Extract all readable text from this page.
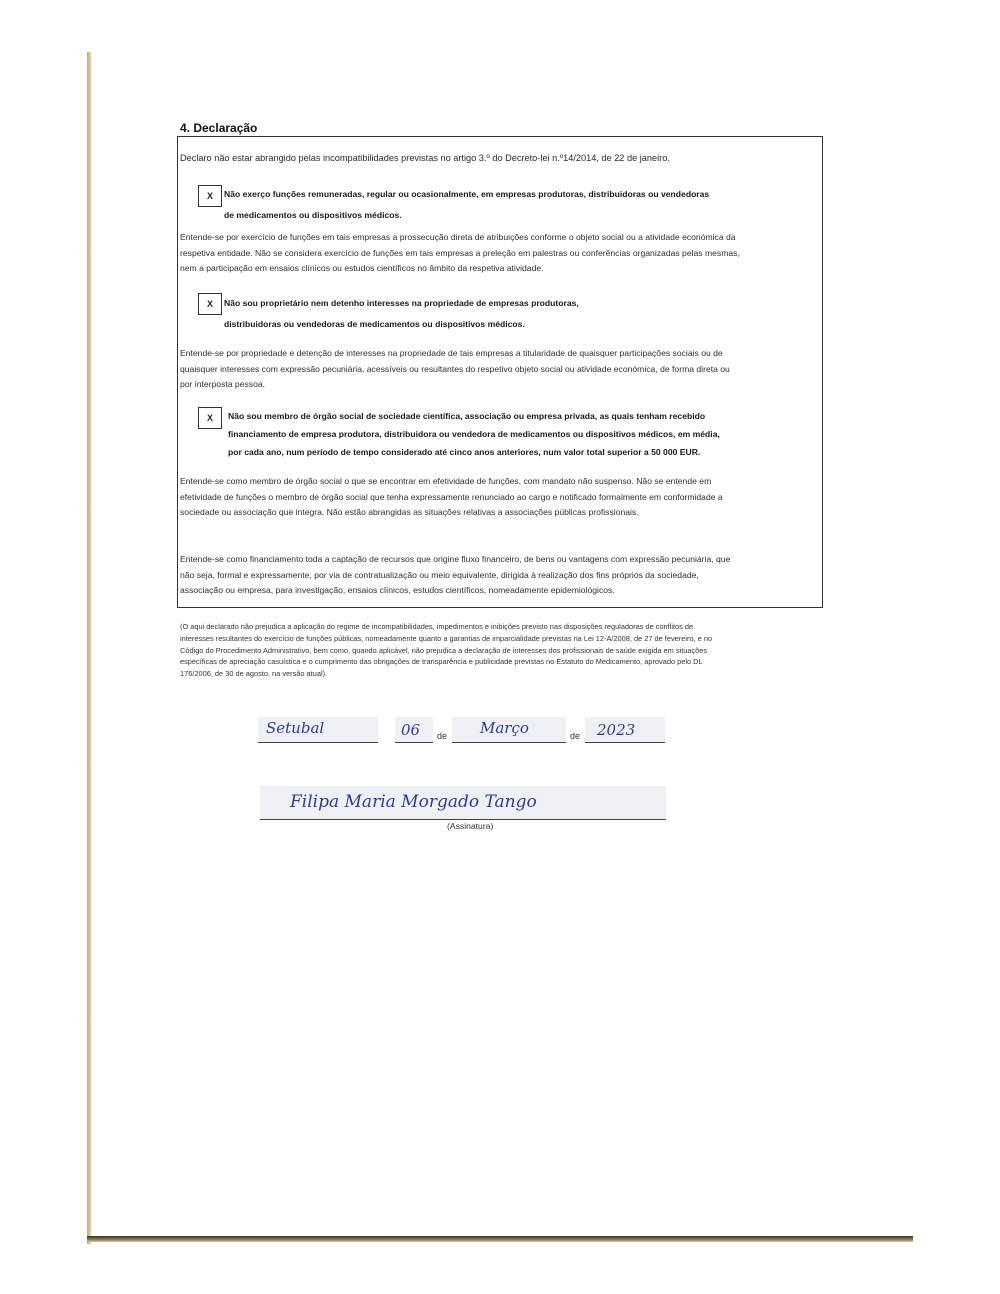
4. Declaração
Declaro não estar abrangido pelas incompatibilidades previstas no artigo 3.º do Decreto-lei n.º14/2014, de 22 de janeiro.
X	Não exerço funções remuneradas, regular ou ocasionalmente, em empresas produtoras, distribuidoras ou vendedoras
de medicamentos ou dispositivos médicos.
Entende-se por exercício de funções em tais empresas a prossecução direta de atribuições conforme o objeto social ou a atividade económica da
respetiva entidade. Não se considera exercício de funções em tais empresas a preleção em palestras ou conferências organizadas pelas mesmas,
nem a participação em ensaios clínicos ou estudos científicos no âmbito da respetiva atividade.
X	Não sou proprietário nem detenho interesses na propriedade de empresas produtoras,
distribuidoras ou vendedoras de medicamentos ou dispositivos médicos.
Entende-se por propriedade e detenção de interesses na propriedade de tais empresas a titularidade de quaisquer participações sociais ou de
quaisquer interesses com expressão pecuniária, acessíveis ou resultantes do respetivo objeto social ou atividade económica, de forma direta ou
por interposta pessoa.
X	Não sou membro de órgão social de sociedade científica, associação ou empresa privada, as quais tenham recebido
financiamento de empresa produtora, distribuidora ou vendedora de medicamentos ou dispositivos médicos, em média,
por cada ano, num período de tempo considerado até cinco anos anteriores, num valor total superior a 50 000 EUR.
Entende-se como membro de órgão social o que se encontrar em efetividade de funções, com mandato não suspenso. Não se entende em
efetividade de funções o membro de órgão social que tenha expressamente renunciado ao cargo e notificado formalmente em conformidade a
sociedade ou associação que integra. Não estão abrangidas as situações relativas a associações públicas profissionais.
Entende-se como financiamento toda a captação de recursos que origine fluxo financeiro, de bens ou vantagens com expressão pecuniária, que
não seja, formal e expressamente, por via de contratualização ou meio equivalente, dirigida à realização dos fins próprios da sociedade,
associação ou empresa, para investigação, ensaios clínicos, estudos científicos, nomeadamente epidemiológicos.
(O aqui declarado não prejudica a aplicação do regime de incompatibilidades, impedimentos e inibições previsto nas disposições reguladoras de conflitos de
interesses resultantes do exercício de funções públicas, nomeadamente quanto a garantias de imparcialidade previstas na Lei 12-A/2008, de 27 de fevereiro, e no
Código do Procedimento Administrativo, bem como, quando aplicável, não prejudica a declaração de interesses dos profissionais de saúde exigida em situações
específicas de apreciação casuística e o cumprimento das obrigações de transparência e publicidade previstas no Estatuto do Medicamento, aprovado pelo DL
176/2006, de 30 de agosto, na versão atual).
Setubal	06 de Março	de 2023
Filipa Maria Morgado Tango
(Assinatura)
